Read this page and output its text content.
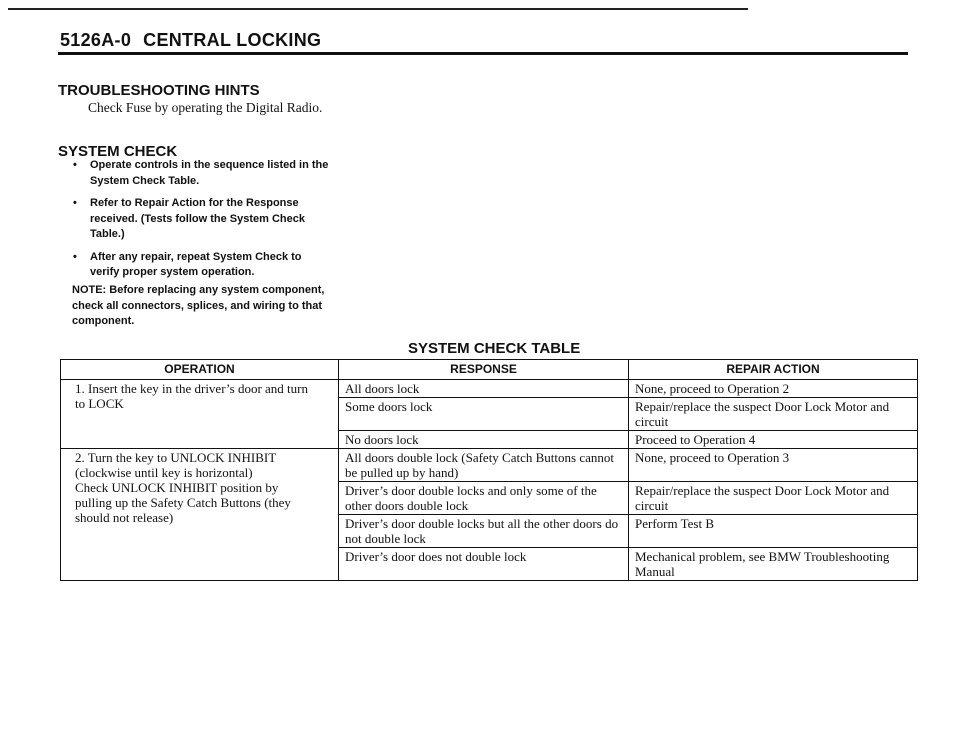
5126A-0 CENTRAL LOCKING
TROUBLESHOOTING HINTS
Check Fuse by operating the Digital Radio.
SYSTEM CHECK
• Operate controls in the sequence listed in the System Check Table.
• Refer to Repair Action for the Response received. (Tests follow the System Check Table.)
• After any repair, repeat System Check to verify proper system operation.
NOTE: Before replacing any system component, check all connectors, splices, and wiring to that component.
SYSTEM CHECK TABLE
OPERATION	RESPONSE	REPAIR ACTION

1. Insert the key in the driver’s door and turn
to LOCK	All doors lock	None, proceed to Operation 2
	Some doors lock	Repair/replace the suspect Door Lock Motor and circuit
	No doors lock	Proceed to Operation 4

2. Turn the key to UNLOCK INHIBIT
(clockwise until key is horizontal)
Check UNLOCK INHIBIT position by
pulling up the Safety Catch Buttons (they
should not release)	All doors double lock (Safety Catch Buttons cannot be pulled up by hand)	None, proceed to Operation 3
	Driver’s door double locks and only some of the other doors double lock	Repair/replace the suspect Door Lock Motor and circuit
	Driver’s door double locks but all the other doors do not double lock	Perform Test B
	Driver’s door does not double lock	Mechanical problem, see BMW Troubleshooting Manual
